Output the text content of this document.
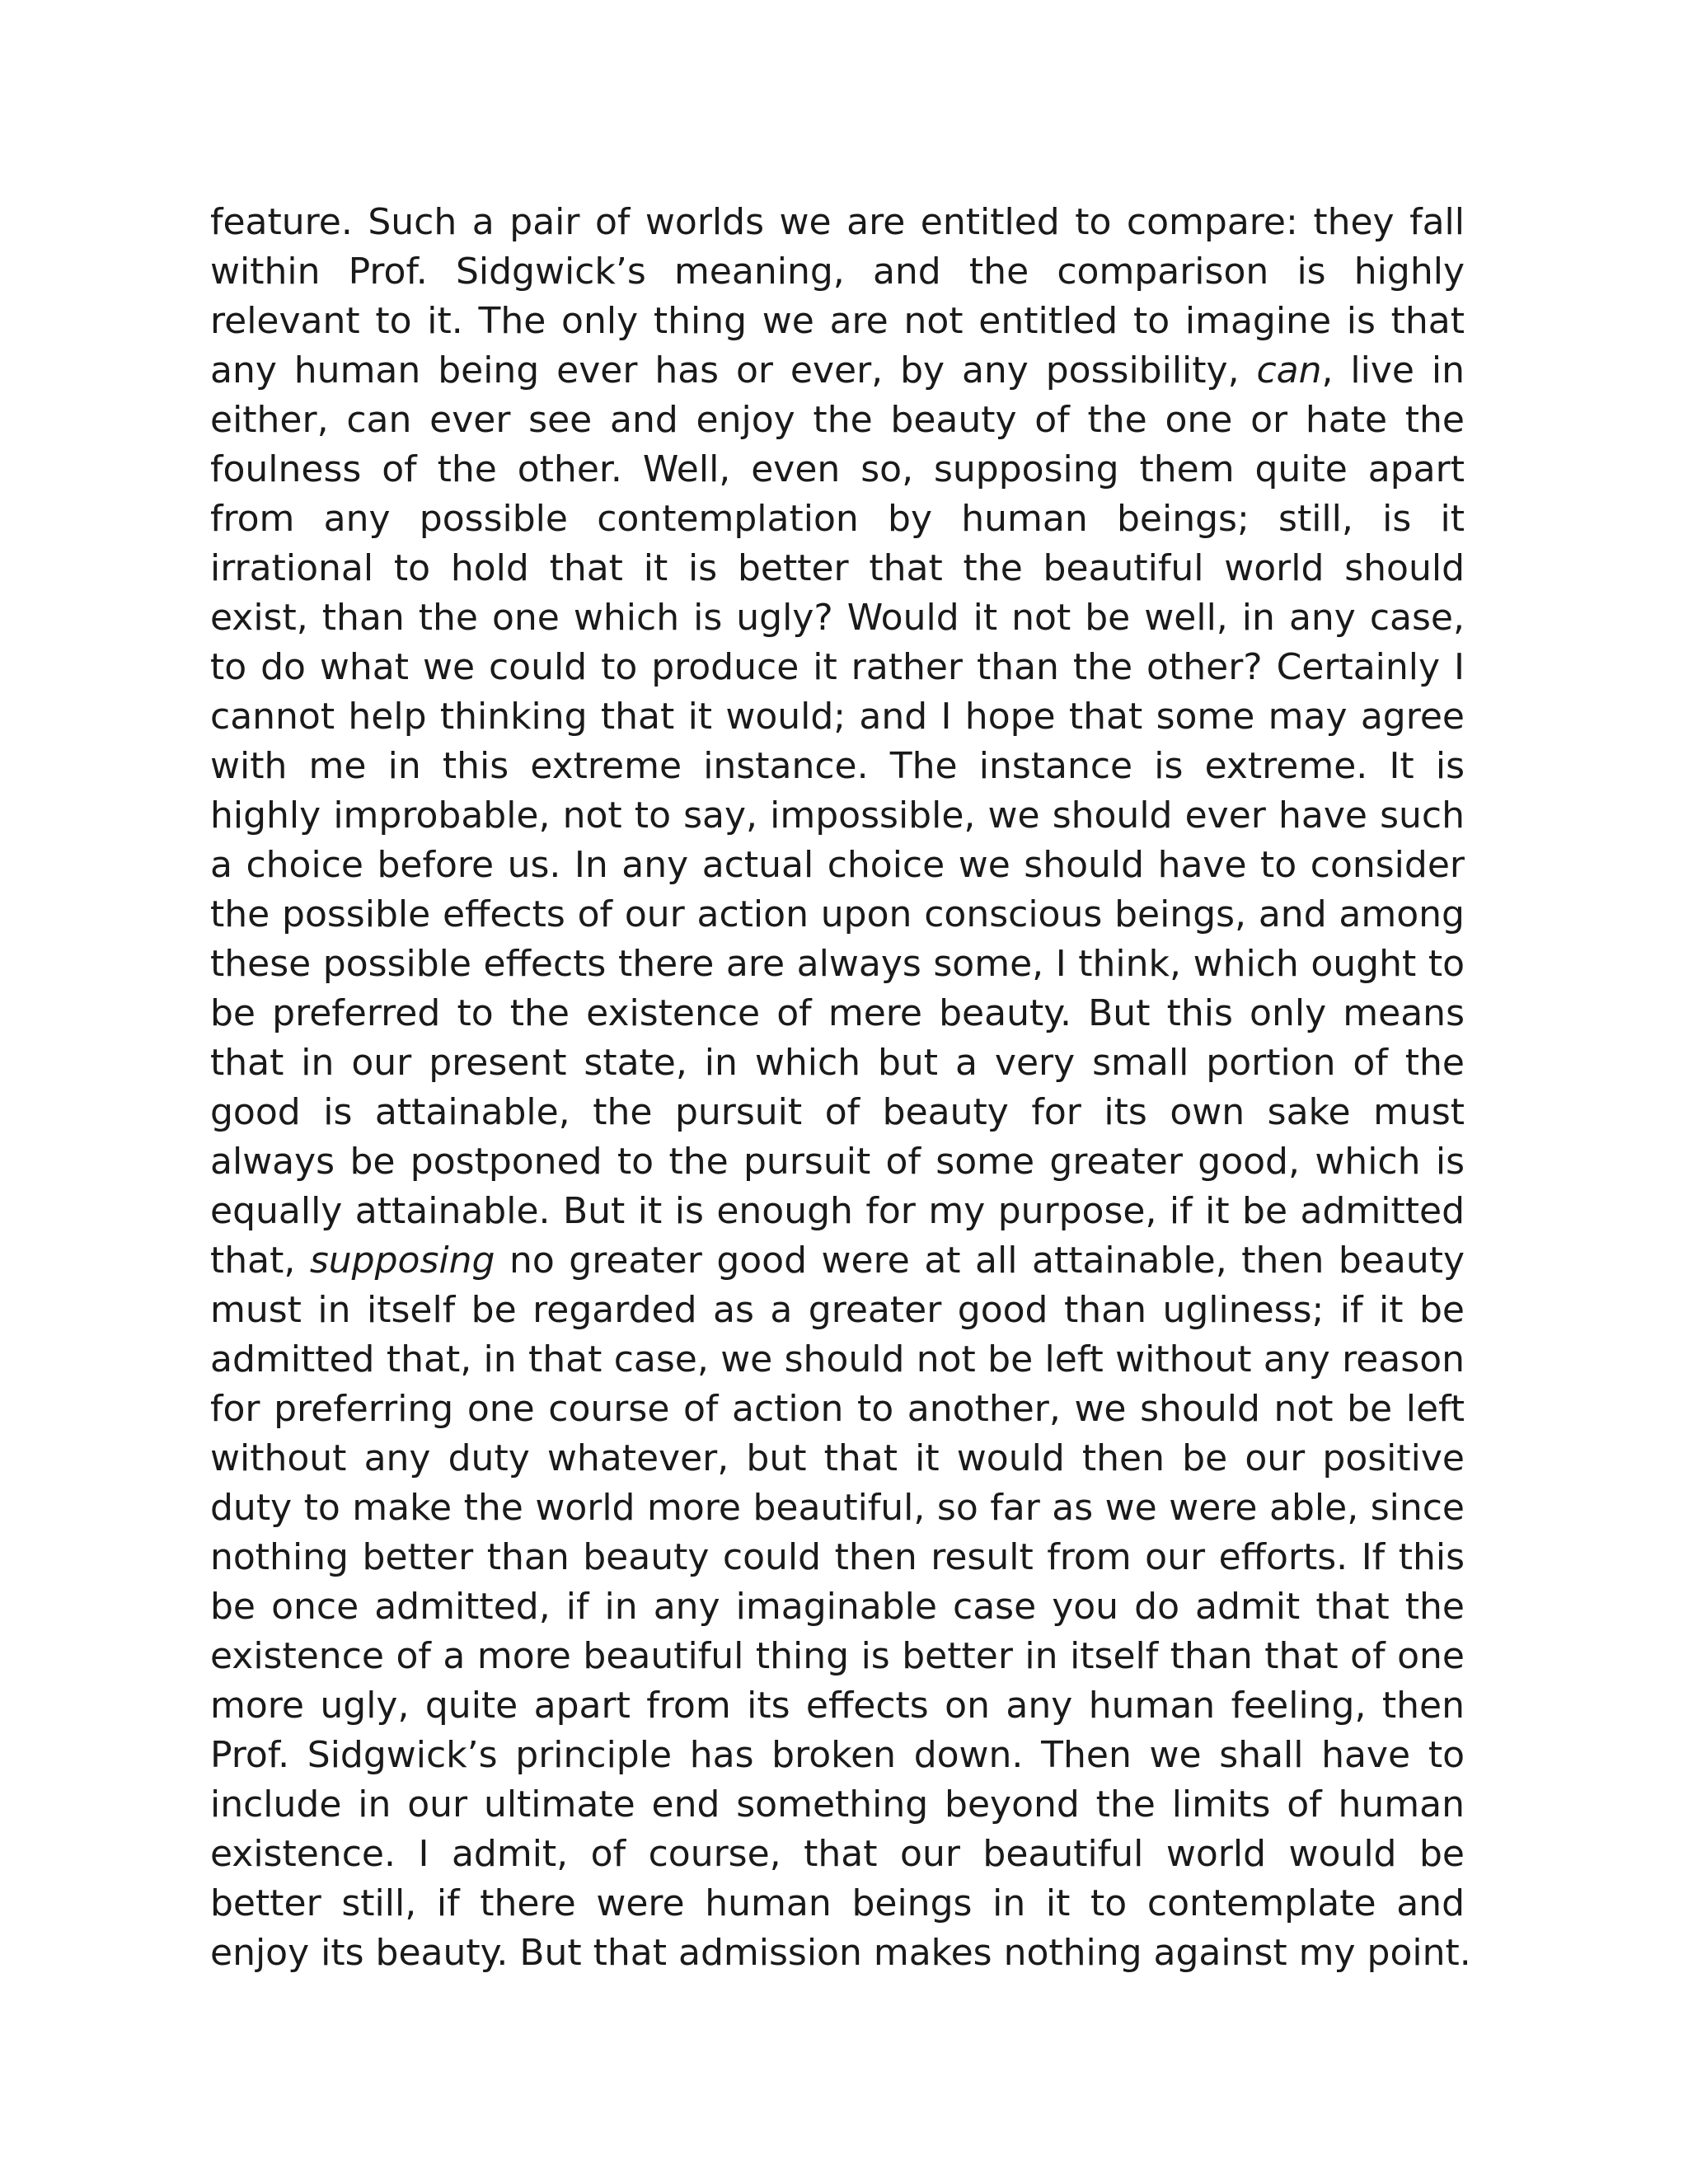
feature. Such a pair of worlds we are entitled to compare: they fall
within Prof. Sidgwick’s meaning, and the comparison is highly
relevant to it. The only thing we are not entitled to imagine is that
any human being ever has or ever, by any possibility, can, live in
either, can ever see and enjoy the beauty of the one or hate the
foulness of the other. Well, even so, supposing them quite apart
from any possible contemplation by human beings; still, is it
irrational to hold that it is better that the beautiful world should
exist, than the one which is ugly? Would it not be well, in any case,
to do what we could to produce it rather than the other? Certainly I
cannot help thinking that it would; and I hope that some may agree
with me in this extreme instance. The instance is extreme. It is
highly improbable, not to say, impossible, we should ever have such
a choice before us. In any actual choice we should have to consider
the possible effects of our action upon conscious beings, and among
these possible effects there are always some, I think, which ought to
be preferred to the existence of mere beauty. But this only means
that in our present state, in which but a very small portion of the
good is attainable, the pursuit of beauty for its own sake must
always be postponed to the pursuit of some greater good, which is
equally attainable. But it is enough for my purpose, if it be admitted
that, supposing no greater good were at all attainable, then beauty
must in itself be regarded as a greater good than ugliness; if it be
admitted that, in that case, we should not be left without any reason
for preferring one course of action to another, we should not be left
without any duty whatever, but that it would then be our positive
duty to make the world more beautiful, so far as we were able, since
nothing better than beauty could then result from our efforts. If this
be once admitted, if in any imaginable case you do admit that the
existence of a more beautiful thing is better in itself than that of one
more ugly, quite apart from its effects on any human feeling, then
Prof. Sidgwick’s principle has broken down. Then we shall have to
include in our ultimate end something beyond the limits of human
existence. I admit, of course, that our beautiful world would be
better still, if there were human beings in it to contemplate and
enjoy its beauty. But that admission makes nothing against my point.
